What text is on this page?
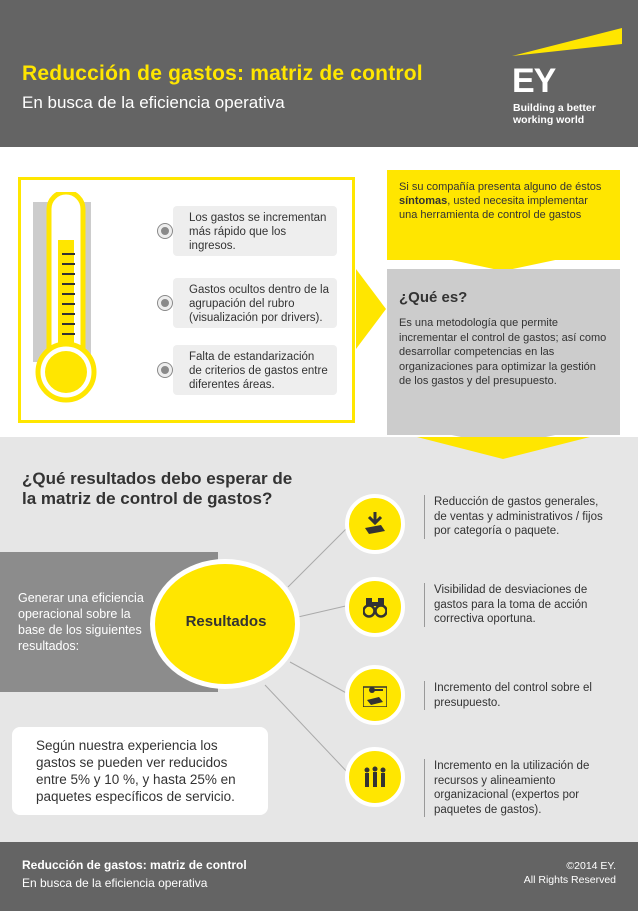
Reducción de gastos: matriz de control
En busca de la eficiencia operativa
EY
Building a better
working world
Los gastos se incrementan más rápido que los ingresos.
Gastos ocultos dentro de la agrupación del rubro (visualización por drivers).
Falta de estandarización de criterios de gastos entre diferentes áreas.
Si su compañía presenta alguno de éstos síntomas, usted necesita implementar una herramienta de control de gastos
¿Qué es?
Es una metodología que permite incrementar el control de gastos; así como desarrollar competencias en las organizaciones para optimizar la gestión de los gastos y del presupuesto.
¿Qué resultados debo esperar de
la matriz de control de gastos?
Generar una eficiencia operacional sobre la base de los siguientes resultados:
Resultados
Reducción de gastos generales, de ventas y administrativos / fijos por categoría o paquete.
Visibilidad de desviaciones de gastos para la toma de acción correctiva oportuna.
Incremento del control sobre el presupuesto.
Incremento en la utilización de recursos y alineamiento organizacional (expertos por paquetes de gastos).
Según nuestra experiencia los gastos se pueden ver reducidos entre 5% y 10 %, y hasta 25% en paquetes específicos de servicio.
Reducción de gastos: matriz de control
En busca de la eficiencia operativa
©2014 EY.
All Rights Reserved
